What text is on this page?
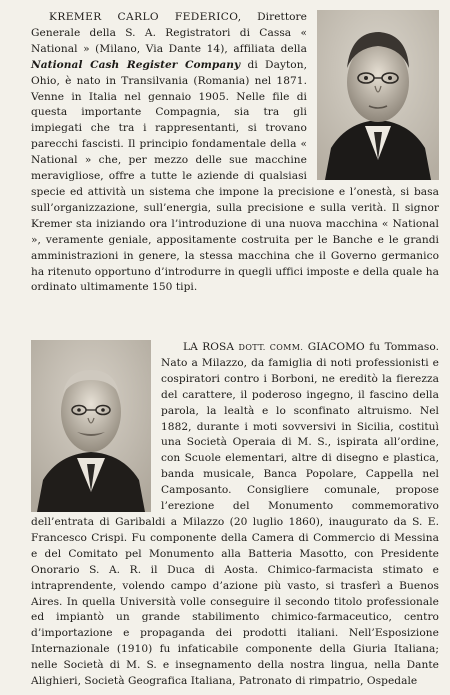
KREMER CARLO FEDERICO, Direttore Generale della S. A. Registratori di Cassa « National » (Milano, Via Dante 14), affiliata della National Cash Register Company di Dayton, Ohio, è nato in Transilvania (Romania) nel 1871. Venne in Italia nel gennaio 1905. Nelle file di questa importante Compagnia, sia tra gli impiegati che tra i rappresentanti, si trovano parecchi fascisti. Il principio fondamentale della « National » che, per mezzo delle sue macchine meravigliose, offre a tutte le aziende di qualsiasi specie ed attività un sistema che impone la precisione e l’onestà, si basa sull’organizzazione, sull’energia, sulla precisione e sulla verità. Il signor Kremer sta iniziando ora l’introduzione di una nuova macchina « National », veramente geniale, appositamente costruita per le Banche e le grandi amministrazioni in genere, la stessa macchina che il Governo germanico ha ritenuto opportuno d’introdurre in quegli uffici imposte e della quale ha ordinato ultimamente 150 tipi.
LA ROSA DOTT. COMM. GIACOMO fu Tommaso. Nato a Milazzo, da famiglia di noti professionisti e cospiratori contro i Borboni, ne ereditò la fierezza del carattere, il poderoso ingegno, il fascino della parola, la lealtà e lo sconfinato altruismo. Nel 1882, durante i moti sovversivi in Sicilia, costituì una Società Operaia di M. S., ispirata all’ordine, con Scuole elementari, altre di disegno e plastica, banda musicale, Banca Popolare, Cappella nel Camposanto. Consigliere comunale, propose l’erezione del Monumento commemorativo dell’entrata di Garibaldi a Milazzo (20 luglio 1860), inaugurato da S. E. Francesco Crispi. Fu componente della Camera di Commercio di Messina e del Comitato pel Monumento alla Batteria Masotto, con Presidente Onorario S. A. R. il Duca di Aosta. Chimico-farmacista stimato e intraprendente, volendo campo d’azione più vasto, si trasferì a Buenos Aires. In quella Università volle conseguire il secondo titolo professionale ed impiantò un grande stabilimento chimico-farmaceutico, centro d’importazione e propaganda dei prodotti italiani. Nell’Esposizione Internazionale (1910) fu infaticabile componente della Giuria Italiana; nelle Società di M. S. e insegnamento della nostra lingua, nella Dante Alighieri, Società Geografica Italiana, Patronato di rimpatrio, Ospedale
